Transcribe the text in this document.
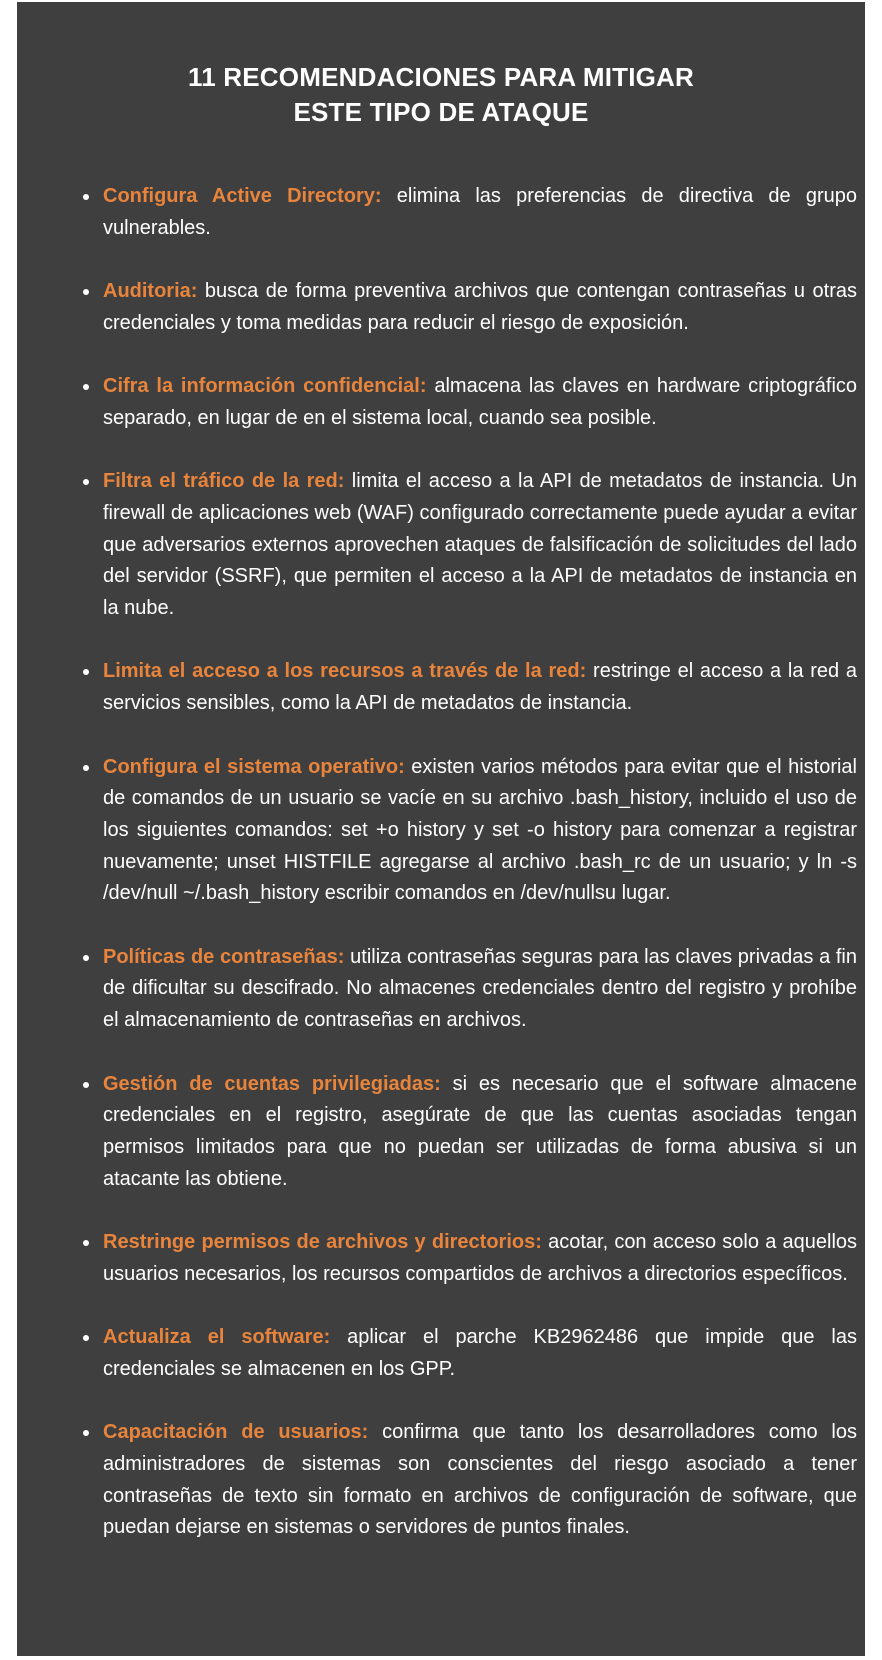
11 RECOMENDACIONES PARA MITIGAR
ESTE TIPO DE ATAQUE
Configura Active Directory: elimina las preferencias de directiva de grupo vulnerables.
Auditoria: busca de forma preventiva archivos que contengan contraseñas u otras credenciales y toma medidas para reducir el riesgo de exposición.
Cifra la información confidencial: almacena las claves en hardware criptográfico separado, en lugar de en el sistema local, cuando sea posible.
Filtra el tráfico de la red: limita el acceso a la API de metadatos de instancia. Un firewall de aplicaciones web (WAF) configurado correctamente puede ayudar a evitar que adversarios externos aprovechen ataques de falsificación de solicitudes del lado del servidor (SSRF), que permiten el acceso a la API de metadatos de instancia en la nube.
Limita el acceso a los recursos a través de la red: restringe el acceso a la red a servicios sensibles, como la API de metadatos de instancia.
Configura el sistema operativo: existen varios métodos para evitar que el historial de comandos de un usuario se vacíe en su archivo .bash_history, incluido el uso de los siguientes comandos: set +o history y set -o history para comenzar a registrar nuevamente; unset HISTFILE agregarse al archivo .bash_rc de un usuario; y ln -s /dev/null ~/.bash_history escribir comandos en /dev/nullsu lugar.
Políticas de contraseñas: utiliza contraseñas seguras para las claves privadas a fin de dificultar su descifrado. No almacenes credenciales dentro del registro y prohíbe el almacenamiento de contraseñas en archivos.
Gestión de cuentas privilegiadas: si es necesario que el software almacene credenciales en el registro, asegúrate de que las cuentas asociadas tengan permisos limitados para que no puedan ser utilizadas de forma abusiva si un atacante las obtiene.
Restringe permisos de archivos y directorios: acotar, con acceso solo a aquellos usuarios necesarios, los recursos compartidos de archivos a directorios específicos.
Actualiza el software: aplicar el parche KB2962486 que impide que las credenciales se almacenen en los GPP.
Capacitación de usuarios: confirma que tanto los desarrolladores como los administradores de sistemas son conscientes del riesgo asociado a tener contraseñas de texto sin formato en archivos de configuración de software, que puedan dejarse en sistemas o servidores de puntos finales.
